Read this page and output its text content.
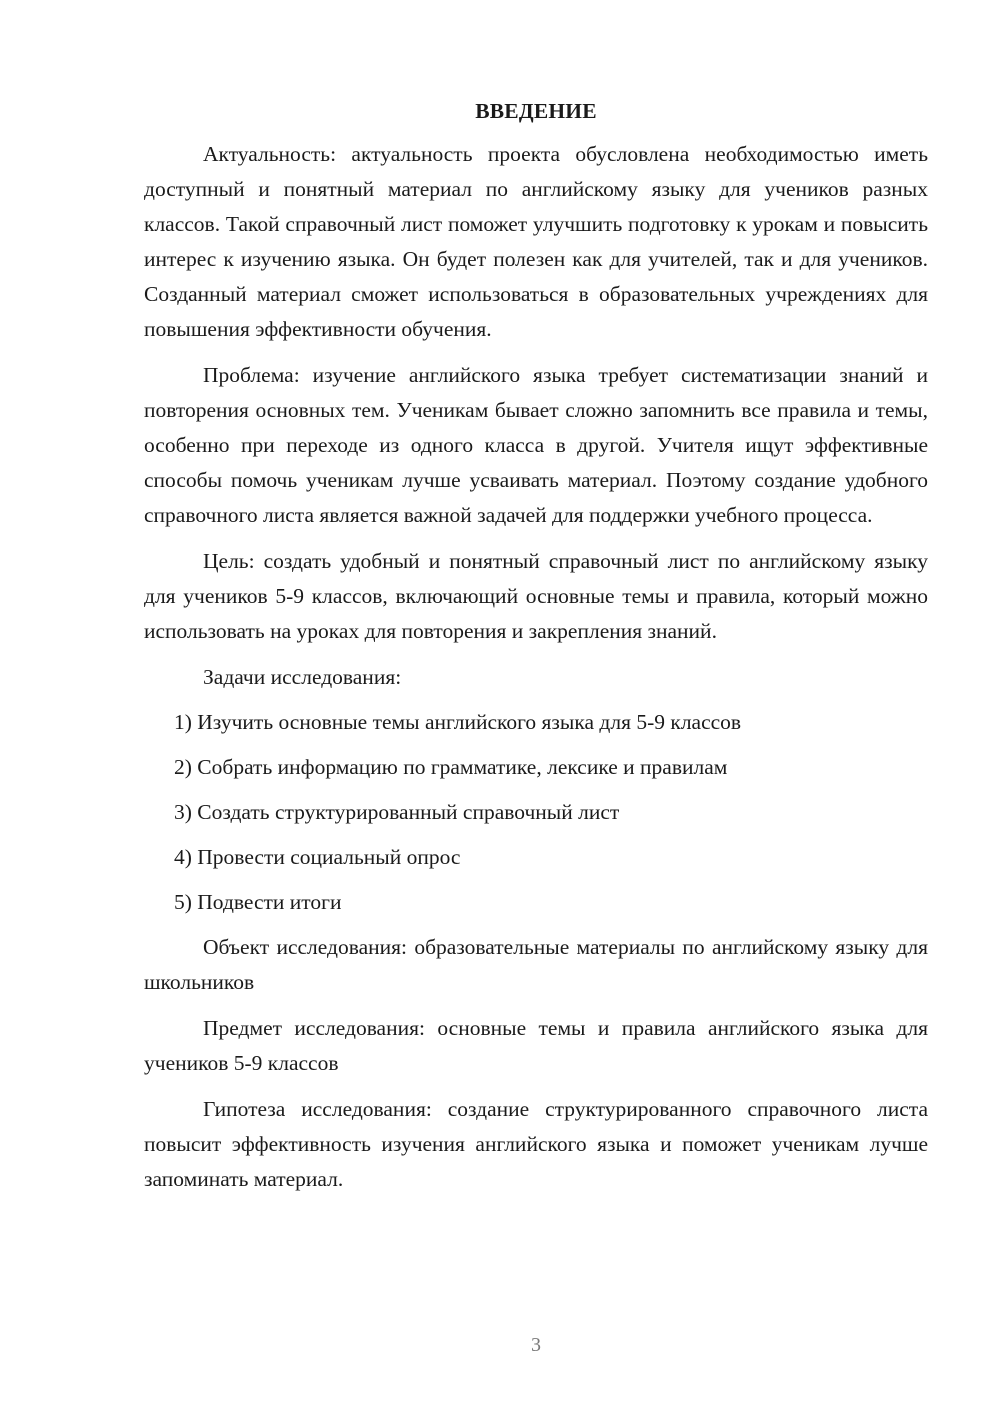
ВВЕДЕНИЕ

Актуальность: актуальность проекта обусловлена необходимостью иметь доступный и понятный материал по английскому языку для учеников разных классов. Такой справочный лист поможет улучшить подготовку к урокам и повысить интерес к изучению языка. Он будет полезен как для учителей, так и для учеников. Созданный материал сможет использоваться в образовательных учреждениях для повышения эффективности обучения.

Проблема: изучение английского языка требует систематизации знаний и повторения основных тем. Ученикам бывает сложно запомнить все правила и темы, особенно при переходе из одного класса в другой. Учителя ищут эффективные способы помочь ученикам лучше усваивать материал. Поэтому создание удобного справочного листа является важной задачей для поддержки учебного процесса.

Цель: создать удобный и понятный справочный лист по английскому языку для учеников 5-9 классов, включающий основные темы и правила, который можно использовать на уроках для повторения и закрепления знаний.

Задачи исследования:

1) Изучить основные темы английского языка для 5-9 классов
2) Собрать информацию по грамматике, лексике и правилам
3) Создать структурированный справочный лист
4) Провести социальный опрос
5) Подвести итоги

Объект исследования: образовательные материалы по английскому языку для школьников

Предмет исследования: основные темы и правила английского языка для учеников 5-9 классов

Гипотеза исследования: создание структурированного справочного листа повысит эффективность изучения английского языка и поможет ученикам лучше запоминать материал.

3
